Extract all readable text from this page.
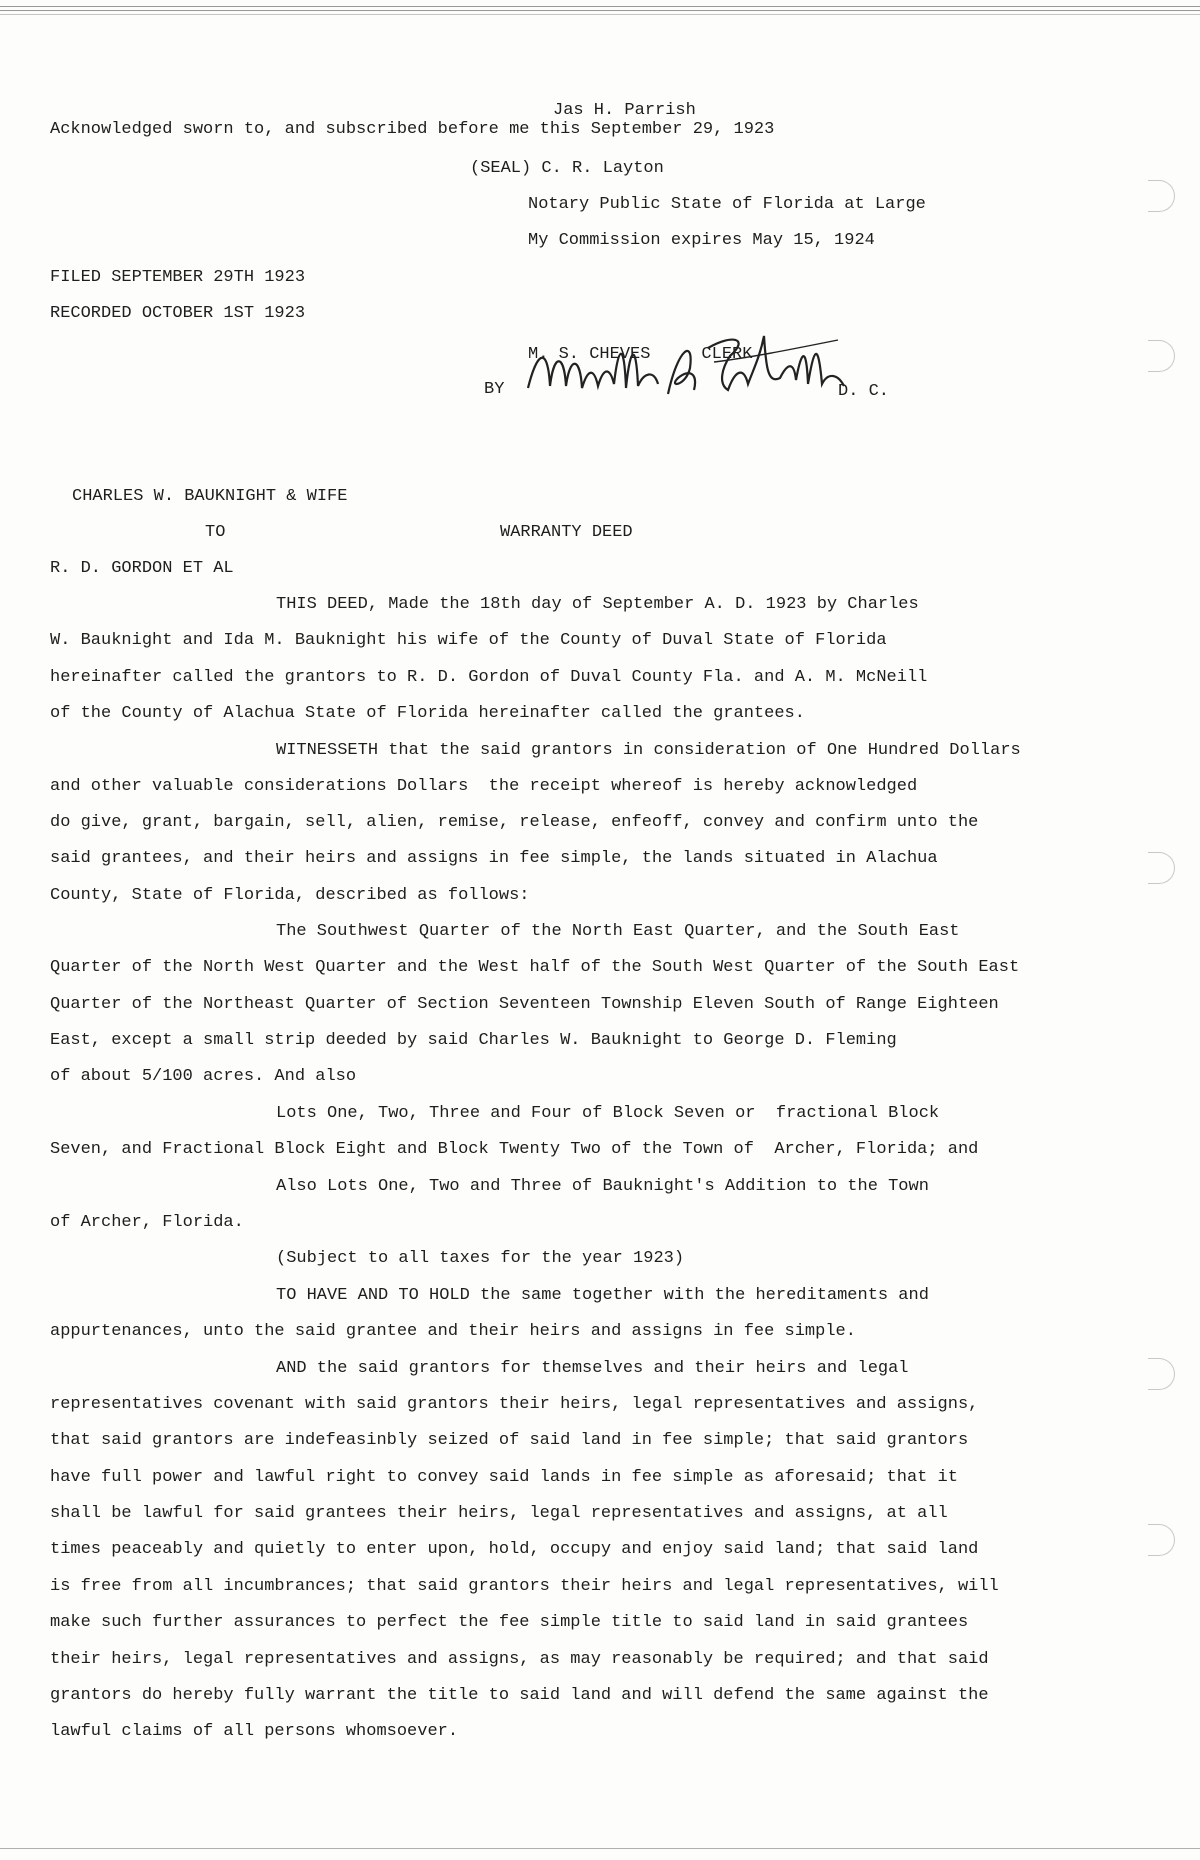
Jas H. Parrish
Acknowledged sworn to, and subscribed before me this September 29, 1923
(SEAL) C. R. Layton
Notary Public State of Florida at Large
My Commission expires May 15, 1924
FILED SEPTEMBER 29TH 1923
RECORDED OCTOBER 1ST 1923
M. S. CHEVES     CLERK
BY	D. C.
CHARLES W. BAUKNIGHT & WIFE
TO	WARRANTY DEED
R. D. GORDON ET AL
THIS DEED, Made the 18th day of September A. D. 1923 by Charles
W. Bauknight and Ida M. Bauknight his wife of the County of Duval State of Florida
hereinafter called the grantors to R. D. Gordon of Duval County Fla. and A. M. McNeill
of the County of Alachua State of Florida hereinafter called the grantees.
WITNESSETH that the said grantors in consideration of One Hundred Dollars
and other valuable considerations Dollars  the receipt whereof is hereby acknowledged
do give, grant, bargain, sell, alien, remise, release, enfeoff, convey and confirm unto the
said grantees, and their heirs and assigns in fee simple, the lands situated in Alachua
County, State of Florida, described as follows:
The Southwest Quarter of the North East Quarter, and the South East
Quarter of the North West Quarter and the West half of the South West Quarter of the South East
Quarter of the Northeast Quarter of Section Seventeen Township Eleven South of Range Eighteen
East, except a small strip deeded by said Charles W. Bauknight to George D. Fleming
of about 5/100 acres. And also
Lots One, Two, Three and Four of Block Seven or  fractional Block
Seven, and Fractional Block Eight and Block Twenty Two of the Town of  Archer, Florida; and
Also Lots One, Two and Three of Bauknight's Addition to the Town
of Archer, Florida.
(Subject to all taxes for the year 1923)
TO HAVE AND TO HOLD the same together with the hereditaments and
appurtenances, unto the said grantee and their heirs and assigns in fee simple.
AND the said grantors for themselves and their heirs and legal
representatives covenant with said grantors their heirs, legal representatives and assigns,
that said grantors are indefeasinbly seized of said land in fee simple; that said grantors
have full power and lawful right to convey said lands in fee simple as aforesaid; that it
shall be lawful for said grantees their heirs, legal representatives and assigns, at all
times peaceably and quietly to enter upon, hold, occupy and enjoy said land; that said land
is free from all incumbrances; that said grantors their heirs and legal representatives, will
make such further assurances to perfect the fee simple title to said land in said grantees
their heirs, legal representatives and assigns, as may reasonably be required; and that said
grantors do hereby fully warrant the title to said land and will defend the same against the
lawful claims of all persons whomsoever.
